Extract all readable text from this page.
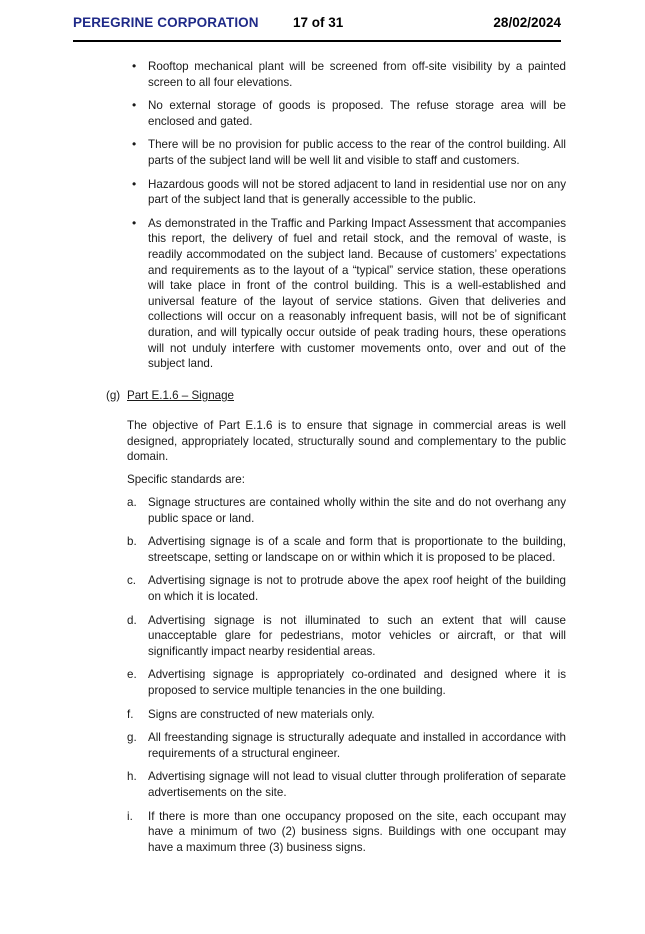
PEREGRINE CORPORATION	17 of 31	28/02/2024
• Rooftop mechanical plant will be screened from off-site visibility by a painted screen to all four elevations.
• No external storage of goods is proposed. The refuse storage area will be enclosed and gated.
• There will be no provision for public access to the rear of the control building. All parts of the subject land will be well lit and visible to staff and customers.
• Hazardous goods will not be stored adjacent to land in residential use nor on any part of the subject land that is generally accessible to the public.
• As demonstrated in the Traffic and Parking Impact Assessment that accompanies this report, the delivery of fuel and retail stock, and the removal of waste, is readily accommodated on the subject land. Because of customers’ expectations and requirements as to the layout of a “typical” service station, these operations will take place in front of the control building. This is a well-established and universal feature of the layout of service stations. Given that deliveries and collections will occur on a reasonably infrequent basis, will not be of significant duration, and will typically occur outside of peak trading hours, these operations will not unduly interfere with customer movements onto, over and out of the subject land.
(g) Part E.1.6 – Signage
The objective of Part E.1.6 is to ensure that signage in commercial areas is well designed, appropriately located, structurally sound and complementary to the public domain.
Specific standards are:
a. Signage structures are contained wholly within the site and do not overhang any public space or land.
b. Advertising signage is of a scale and form that is proportionate to the building, streetscape, setting or landscape on or within which it is proposed to be placed.
c. Advertising signage is not to protrude above the apex roof height of the building on which it is located.
d. Advertising signage is not illuminated to such an extent that will cause unacceptable glare for pedestrians, motor vehicles or aircraft, or that will significantly impact nearby residential areas.
e. Advertising signage is appropriately co-ordinated and designed where it is proposed to service multiple tenancies in the one building.
f. Signs are constructed of new materials only.
g. All freestanding signage is structurally adequate and installed in accordance with requirements of a structural engineer.
h. Advertising signage will not lead to visual clutter through proliferation of separate advertisements on the site.
i. If there is more than one occupancy proposed on the site, each occupant may have a minimum of two (2) business signs. Buildings with one occupant may have a maximum three (3) business signs.
